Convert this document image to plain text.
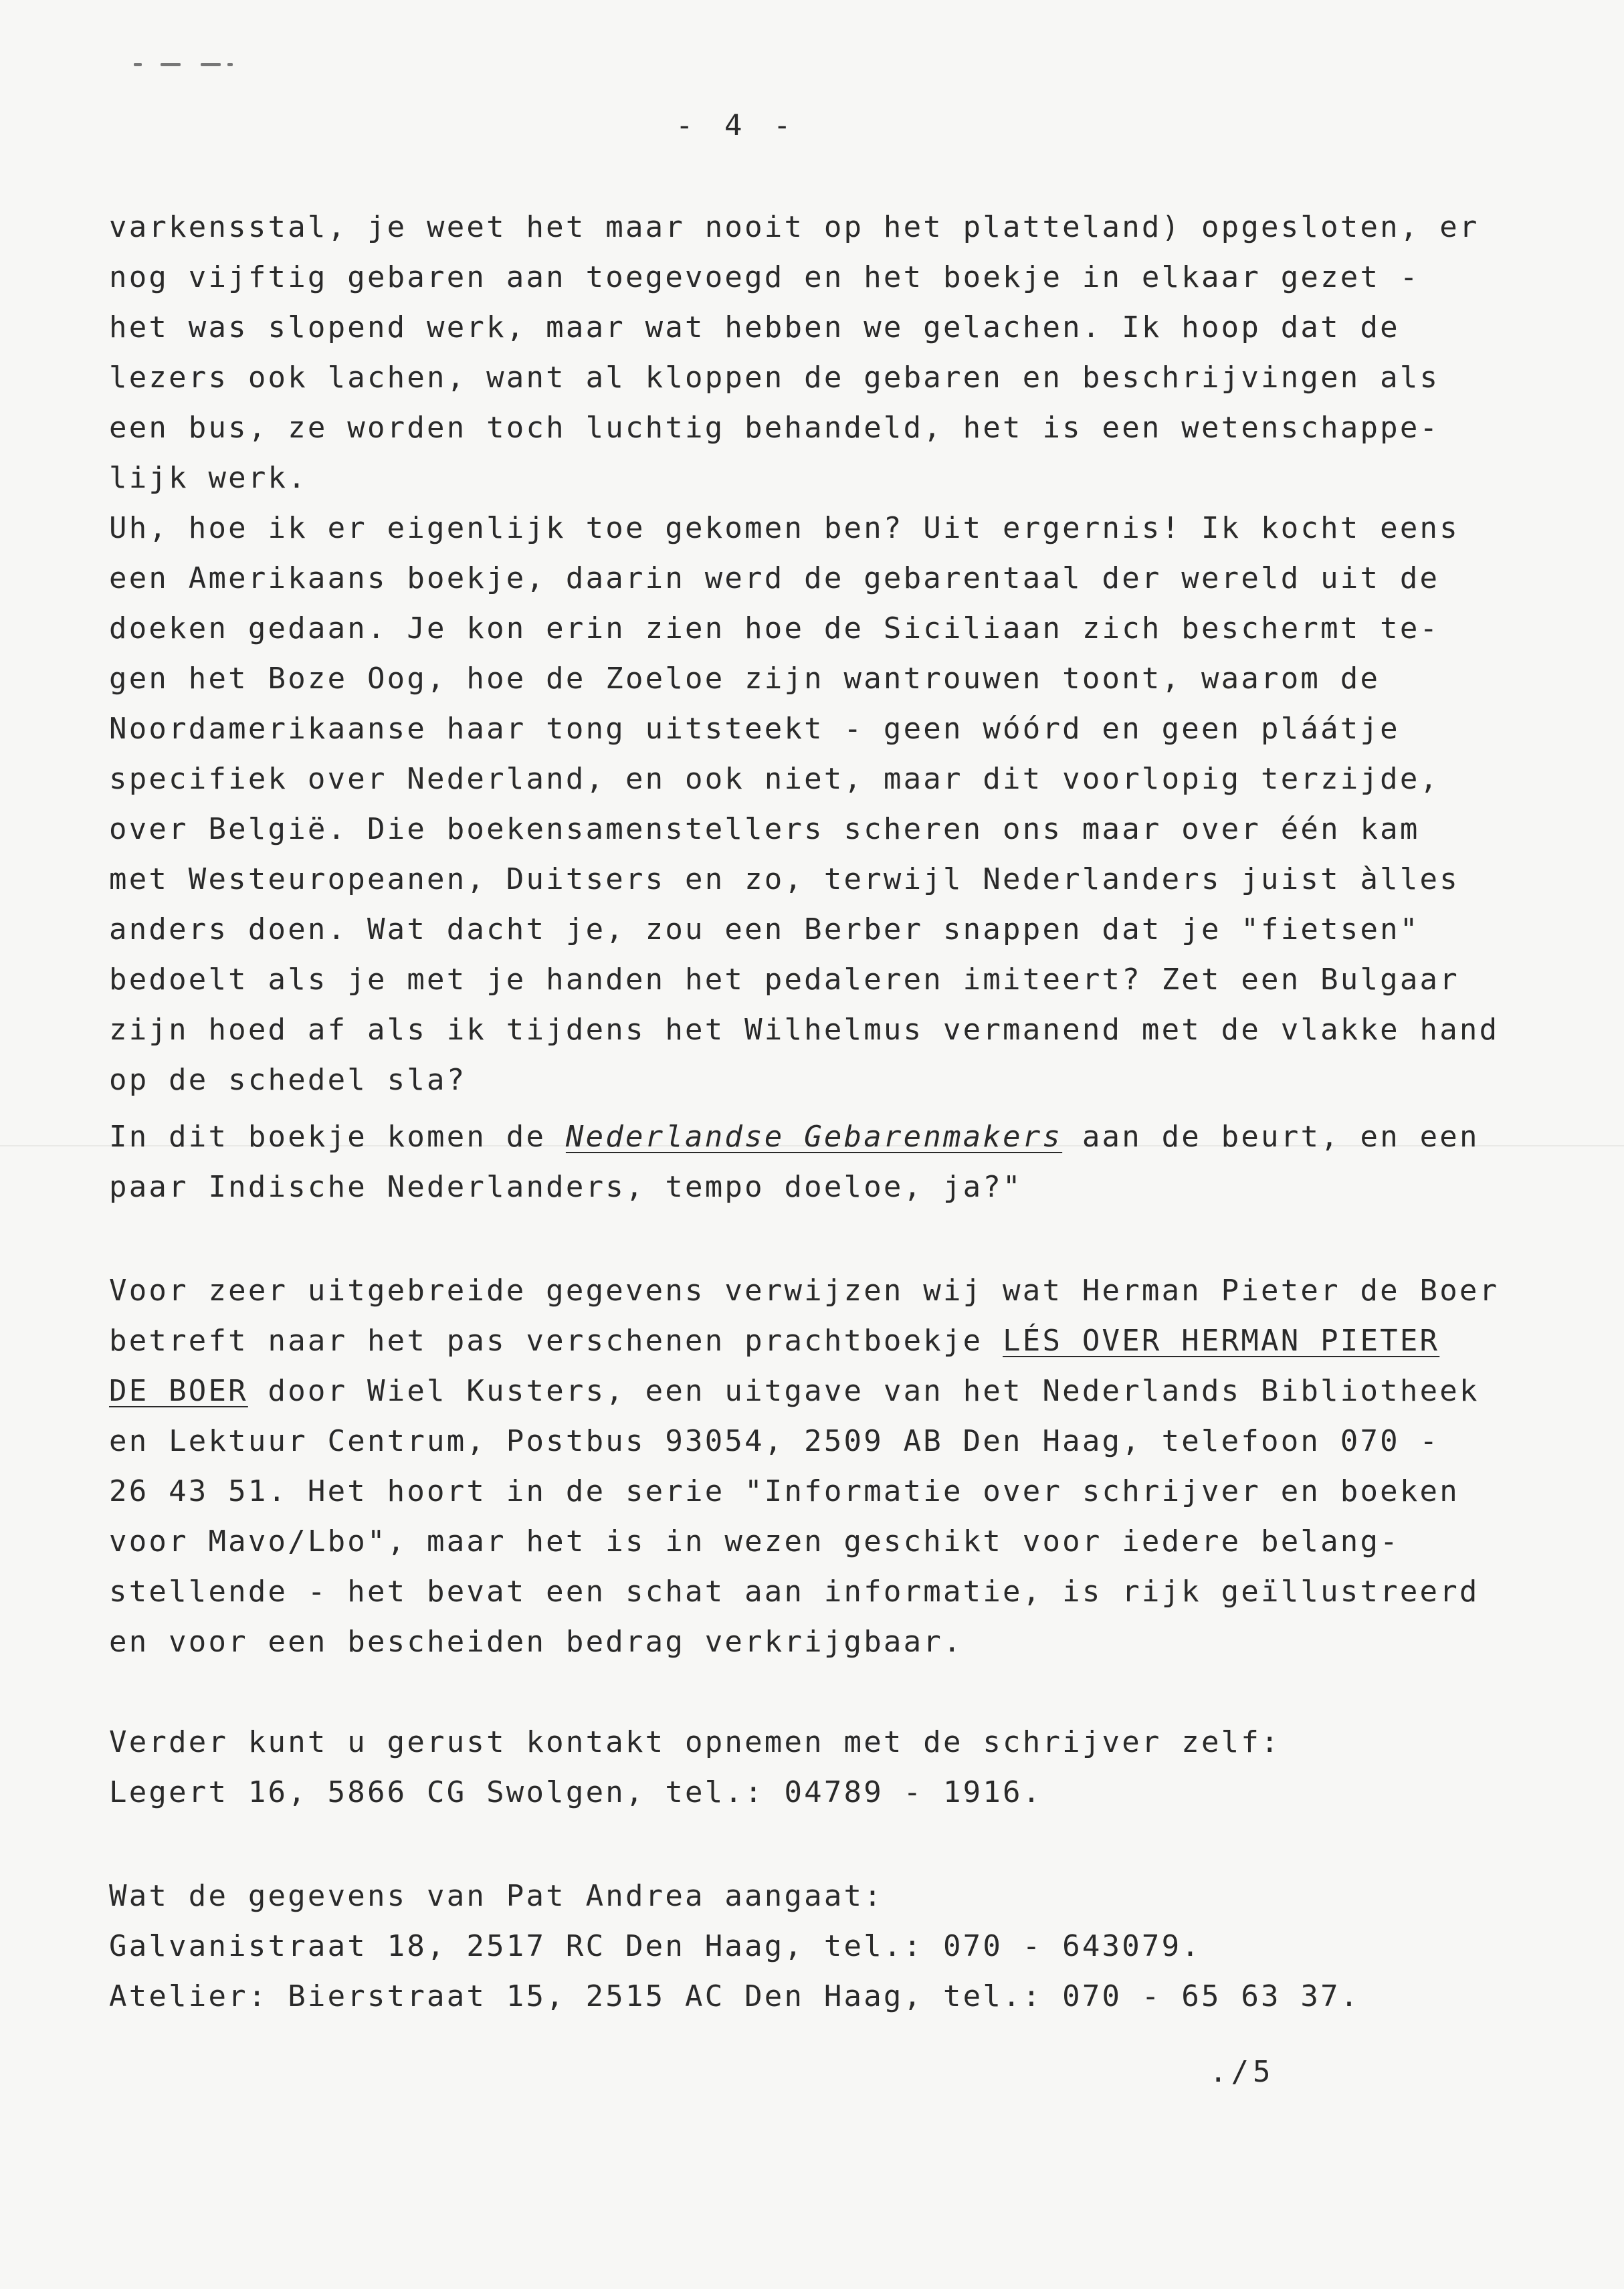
- 4 -
varkensstal, je weet het maar nooit op het platteland) opgesloten, er
nog vijftig gebaren aan toegevoegd en het boekje in elkaar gezet -
het was slopend werk, maar wat hebben we gelachen. Ik hoop dat de
lezers ook lachen, want al kloppen de gebaren en beschrijvingen als
een bus, ze worden toch luchtig behandeld, het is een wetenschappe-
lijk werk.
Uh, hoe ik er eigenlijk toe gekomen ben? Uit ergernis! Ik kocht eens
een Amerikaans boekje, daarin werd de gebarentaal der wereld uit de
doeken gedaan. Je kon erin zien hoe de Siciliaan zich beschermt te-
gen het Boze Oog, hoe de Zoeloe zijn wantrouwen toont, waarom de
Noordamerikaanse haar tong uitsteekt - geen wóórd en geen pláátje
specifiek over Nederland, en ook niet, maar dit voorlopig terzijde,
over België. Die boekensamenstellers scheren ons maar over één kam
met Westeuropeanen, Duitsers en zo, terwijl Nederlanders juist àlles
anders doen. Wat dacht je, zou een Berber snappen dat je "fietsen"
bedoelt als je met je handen het pedaleren imiteert? Zet een Bulgaar
zijn hoed af als ik tijdens het Wilhelmus vermanend met de vlakke hand
op de schedel sla?
In dit boekje komen de Nederlandse Gebarenmakers aan de beurt, en een
paar Indische Nederlanders, tempo doeloe, ja?"
Voor zeer uitgebreide gegevens verwijzen wij wat Herman Pieter de Boer
betreft naar het pas verschenen prachtboekje LÉS OVER HERMAN PIETER
DE BOER door Wiel Kusters, een uitgave van het Nederlands Bibliotheek
en Lektuur Centrum, Postbus 93054, 2509 AB Den Haag, telefoon 070 -
26 43 51. Het hoort in de serie "Informatie over schrijver en boeken
voor Mavo/Lbo", maar het is in wezen geschikt voor iedere belang-
stellende - het bevat een schat aan informatie, is rijk geïllustreerd
en voor een bescheiden bedrag verkrijgbaar.
Verder kunt u gerust kontakt opnemen met de schrijver zelf:
Legert 16, 5866 CG Swolgen, tel.: 04789 - 1916.
Wat de gegevens van Pat Andrea aangaat:
Galvanistraat 18, 2517 RC Den Haag, tel.: 070 - 643079.
Atelier: Bierstraat 15, 2515 AC Den Haag, tel.: 070 - 65 63 37.
./5
